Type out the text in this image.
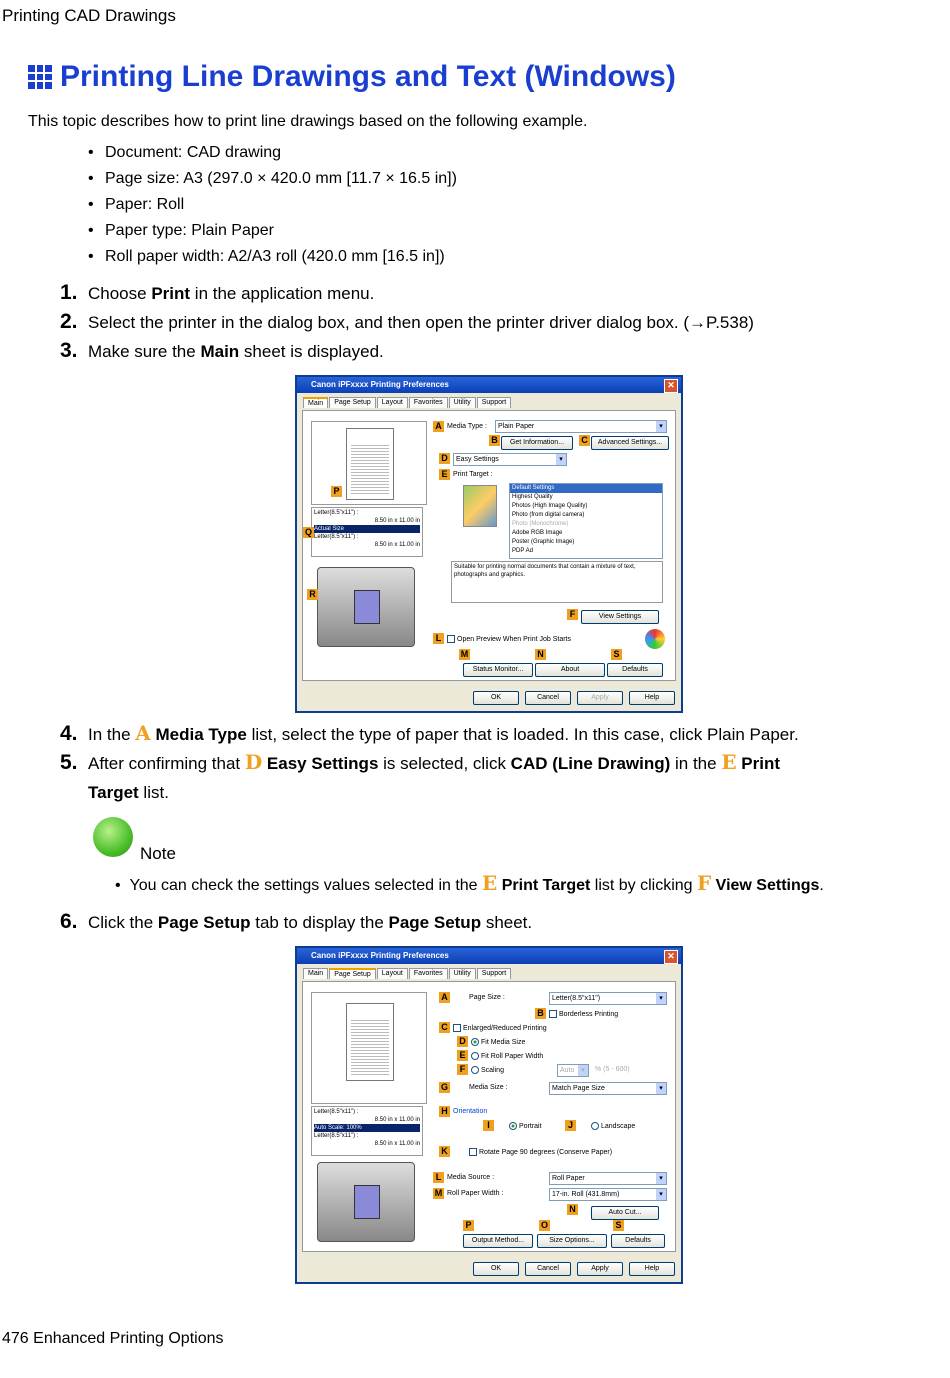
Printing CAD Drawings
Printing Line Drawings and Text (Windows)
This topic describes how to print line drawings based on the following example.
• Document: CAD drawing
• Page size: A3 (297.0 × 420.0 mm [11.7 × 16.5 in])
• Paper: Roll
• Paper type: Plain Paper
• Roll paper width: A2/A3 roll (420.0 mm [16.5 in])
1. Choose Print in the application menu.
2. Select the printer in the dialog box, and then open the printer driver dialog box. (→P.538)
3. Make sure the Main sheet is displayed.
Canon iPFxxxx Printing Preferences	✕
Main	Page Setup	Layout	Favorites	Utility	Support
P
Letter(8.5"x11") :
8.50 in x 11.00 in
Actual Size
Letter(8.5"x11") :
8.50 in x 11.00 in
Q
R
A Media Type :	Plain Paper ▾
B	Get Information...	C	Advanced Settings...
D	Easy Settings ▾
E Print Target :
Default Settings
Highest Quality
Photos (High Image Quality)
Photo (from digital camera)
Photo (Monochrome)
Adobe RGB Image
Poster (Graphic Image)
PDP Ad
Suitable for printing normal documents that contain a mixture of text, photographs and graphics.
F	View Settings
L	Open Preview When Print Job Starts
M	N	S
Status Monitor...	About	Defaults
OK	Cancel	Apply	Help
4. In the A Media Type list, select the type of paper that is loaded. In this case, click Plain Paper.
5. After confirming that D Easy Settings is selected, click CAD (Line Drawing) in the E Print
Target list.
Note
•  You can check the settings values selected in the E Print Target list by clicking F View Settings.
6. Click the Page Setup tab to display the Page Setup sheet.
Canon iPFxxxx Printing Preferences	✕
Main	Page Setup	Layout	Favorites	Utility	Support
Letter(8.5"x11") :
8.50 in x 11.00 in
Auto Scale: 100%
Letter(8.5"x11") :
8.50 in x 11.00 in
A	Page Size :	Letter(8.5"x11") ▾
B	Borderless Printing
C	Enlarged/Reduced Printing
D	Fit Media Size
E	Fit Roll Paper Width
F	Scaling	Auto ▾	% (5 - 600)
G	Media Size :	Match Page Size ▾
H Orientation
I	Portrait	J	Landscape
K	Rotate Page 90 degrees (Conserve Paper)
L Media Source :	Roll Paper ▾
M Roll Paper Width :	17-in. Roll (431.8mm) ▾
N	Auto Cut...
P	O	S
Output Method...	Size Options...	Defaults
OK	Cancel	Apply	Help
476 Enhanced Printing Options
